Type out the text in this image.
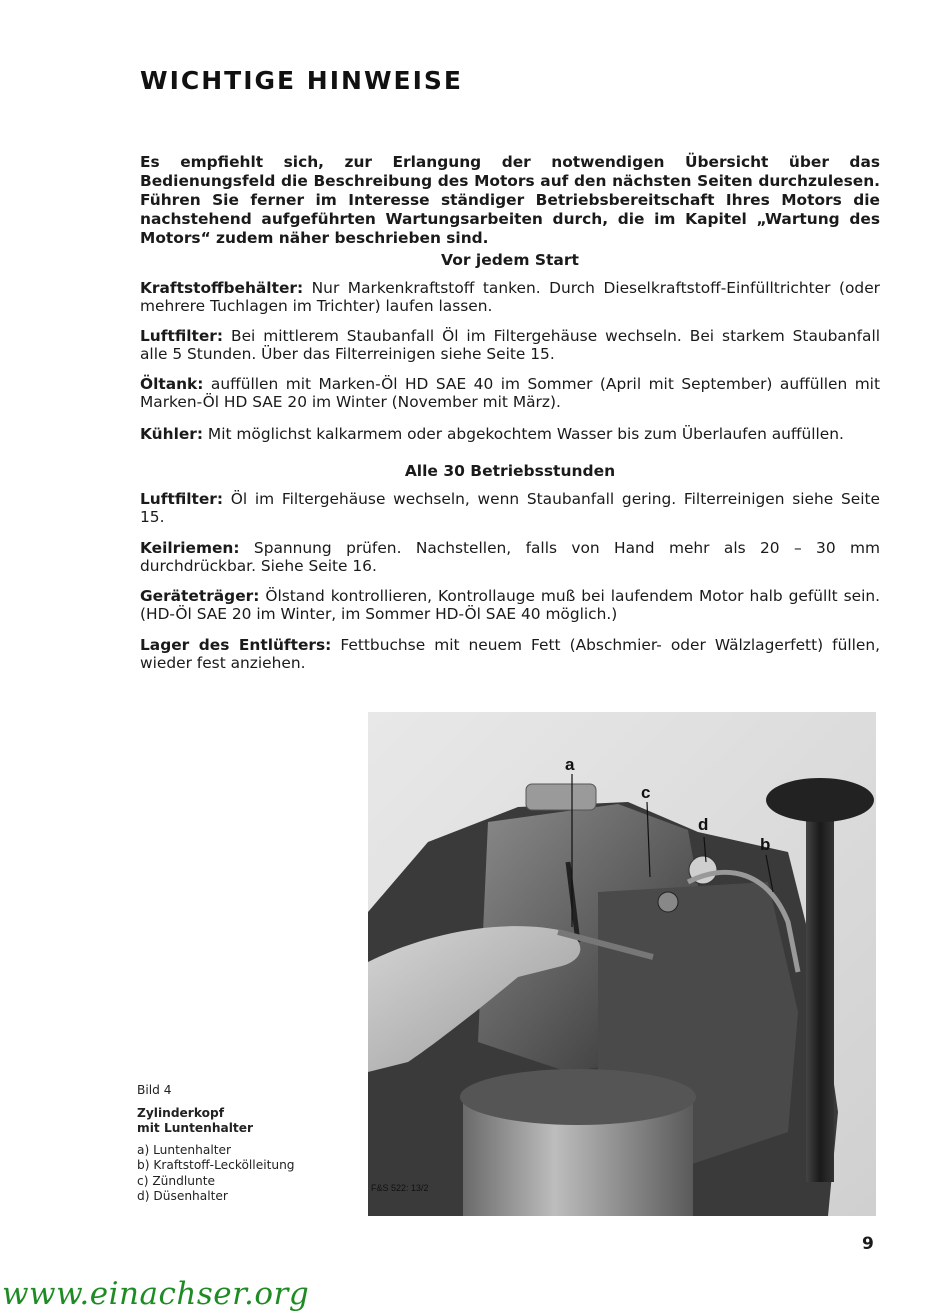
WICHTIGE HINWEISE

Es empfiehlt sich, zur Erlangung der notwendigen Übersicht über das Bedienungsfeld die Beschreibung des Motors auf den nächsten Seiten durchzulesen. Führen Sie ferner im Interesse ständiger Betriebsbereitschaft Ihres Motors die nachstehend aufgeführten Wartungsarbeiten durch, die im Kapitel „Wartung des Motors“ zudem näher beschrieben sind.

Vor jedem Start

Kraftstoffbehälter: Nur Markenkraftstoff tanken. Durch Dieselkraftstoff-Einfülltrichter (oder mehrere Tuchlagen im Trichter) laufen lassen.

Luftfilter: Bei mittlerem Staubanfall Öl im Filtergehäuse wechseln. Bei starkem Staubanfall alle 5 Stunden. Über das Filterreinigen siehe Seite 15.

Öltank: auffüllen mit Marken-Öl HD SAE 40 im Sommer (April mit September) auffüllen mit Marken-Öl HD SAE 20 im Winter (November mit März).

Kühler: Mit möglichst kalkarmem oder abgekochtem Wasser bis zum Überlaufen auffüllen.

Alle 30 Betriebsstunden

Luftfilter: Öl im Filtergehäuse wechseln, wenn Staubanfall gering. Filterreinigen siehe Seite 15.

Keilriemen: Spannung prüfen. Nachstellen, falls von Hand mehr als 20 – 30 mm durchdrückbar. Siehe Seite 16.

Geräteträger: Ölstand kontrollieren, Kontrollauge muß bei laufendem Motor halb gefüllt sein. (HD-Öl SAE 20 im Winter, im Sommer HD-Öl SAE 40 möglich.)

Lager des Entlüfters: Fettbuchse mit neuem Fett (Abschmier- oder Wälzlagerfett) füllen, wieder fest anziehen.

a
c
d
b
F&S 522: 13/2
Bild 4
Zylinderkopf
mit Luntenhalter
a) Luntenhalter
b) Kraftstoff-Leckölleitung
c) Zündlunte
d) Düsenhalter
9
www.einachser.org
